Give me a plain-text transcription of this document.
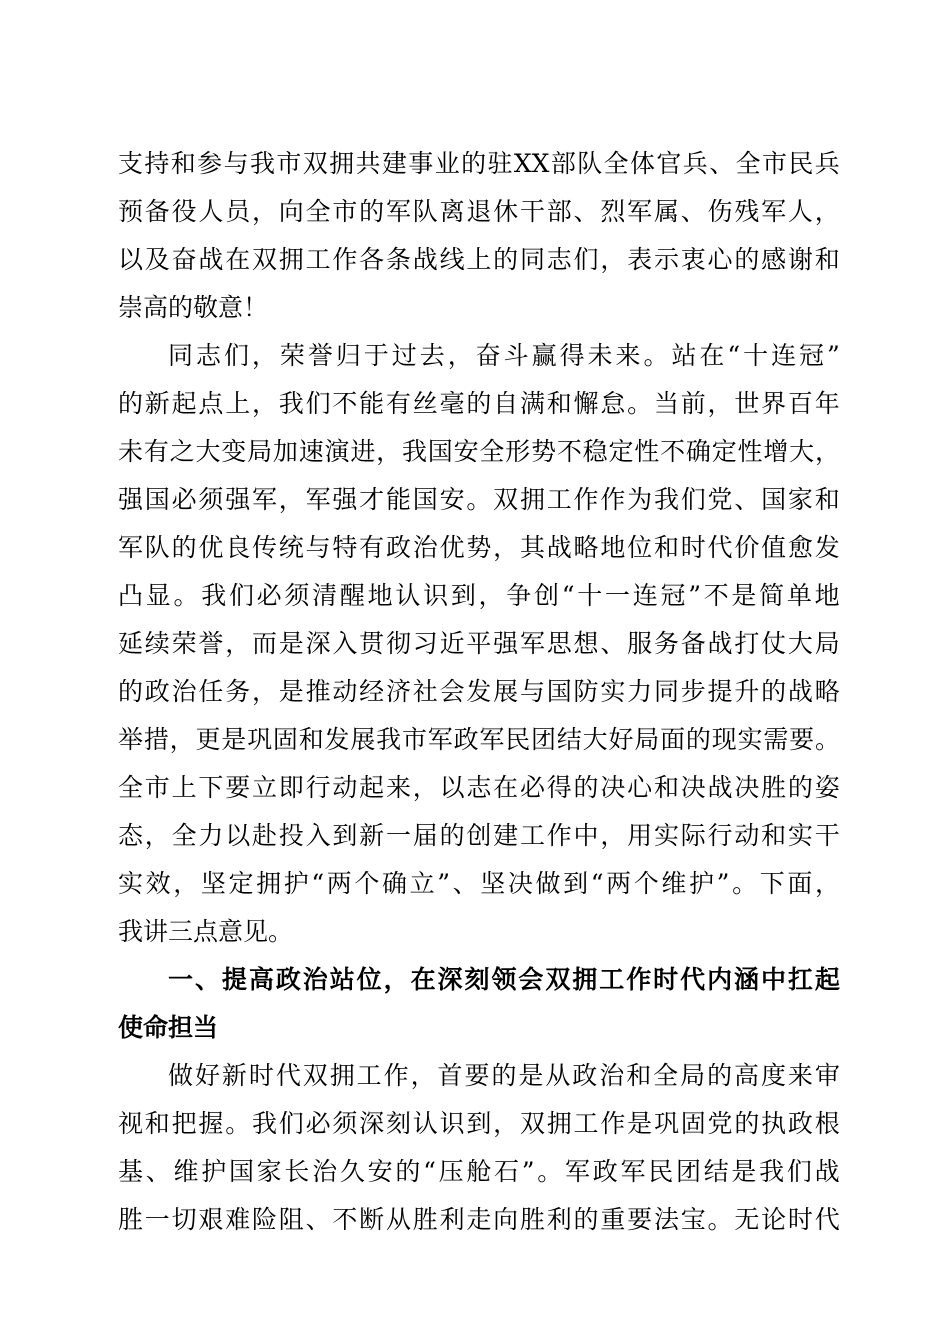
支 持 和 参 与 我 市 双 拥 共 建 事 业 的 驻 XX 部 队 全 体 官 兵 、 全 市 民 兵
预 备 役 人 员 ， 向 全 市 的 军 队 离 退 休 干 部 、 烈 军 属 、 伤 残 军 人 ，
以 及 奋 战 在 双 拥 工 作 各 条 战 线 上 的 同 志 们 ， 表 示 衷 心 的 感 谢 和
崇高的敬意！
同 志 们 ， 荣 誉 归 于 过 去 ， 奋 斗 赢 得 未 来 。 站 在 “ 十 连 冠 ”
的 新 起 点 上 ， 我 们 不 能 有 丝 毫 的 自 满 和 懈 怠 。 当 前 ， 世 界 百 年
未 有 之 大 变 局 加 速 演 进 ， 我 国 安 全 形 势 不 稳 定 性 不 确 定 性 增 大 ，
强 国 必 须 强 军 ， 军 强 才 能 国 安 。 双 拥 工 作 作 为 我 们 党 、 国 家 和
军 队 的 优 良 传 统 与 特 有 政 治 优 势 ， 其 战 略 地 位 和 时 代 价 值 愈 发
凸 显 。 我 们 必 须 清 醒 地 认 识 到 ， 争 创 “ 十 一 连 冠 ” 不 是 简 单 地
延 续 荣 誉 ， 而 是 深 入 贯 彻 习 近 平 强 军 思 想 、 服 务 备 战 打 仗 大 局
的 政 治 任 务 ， 是 推 动 经 济 社 会 发 展 与 国 防 实 力 同 步 提 升 的 战 略
举 措 ， 更 是 巩 固 和 发 展 我 市 军 政 军 民 团 结 大 好 局 面 的 现 实 需 要 。
全 市 上 下 要 立 即 行 动 起 来 ， 以 志 在 必 得 的 决 心 和 决 战 决 胜 的 姿
态 ， 全 力 以 赴 投 入 到 新 一 届 的 创 建 工 作 中 ， 用 实 际 行 动 和 实 干
实 效 ， 坚 定 拥 护 “ 两 个 确 立 ” 、 坚 决 做 到 “ 两 个 维 护 ” 。 下 面 ，
我讲三点意见。
一 、 提 高 政 治 站 位 ， 在 深 刻 领 会 双 拥 工 作 时 代 内 涵 中 扛 起
使命担当
做 好 新 时 代 双 拥 工 作 ， 首 要 的 是 从 政 治 和 全 局 的 高 度 来 审
视 和 把 握 。 我 们 必 须 深 刻 认 识 到 ， 双 拥 工 作 是 巩 固 党 的 执 政 根
基 、 维 护 国 家 长 治 久 安 的 “ 压 舱 石 ” 。 军 政 军 民 团 结 是 我 们 战
胜 一 切 艰 难 险 阻 、 不 断 从 胜 利 走 向 胜 利 的 重 要 法 宝 。 无 论 时 代
